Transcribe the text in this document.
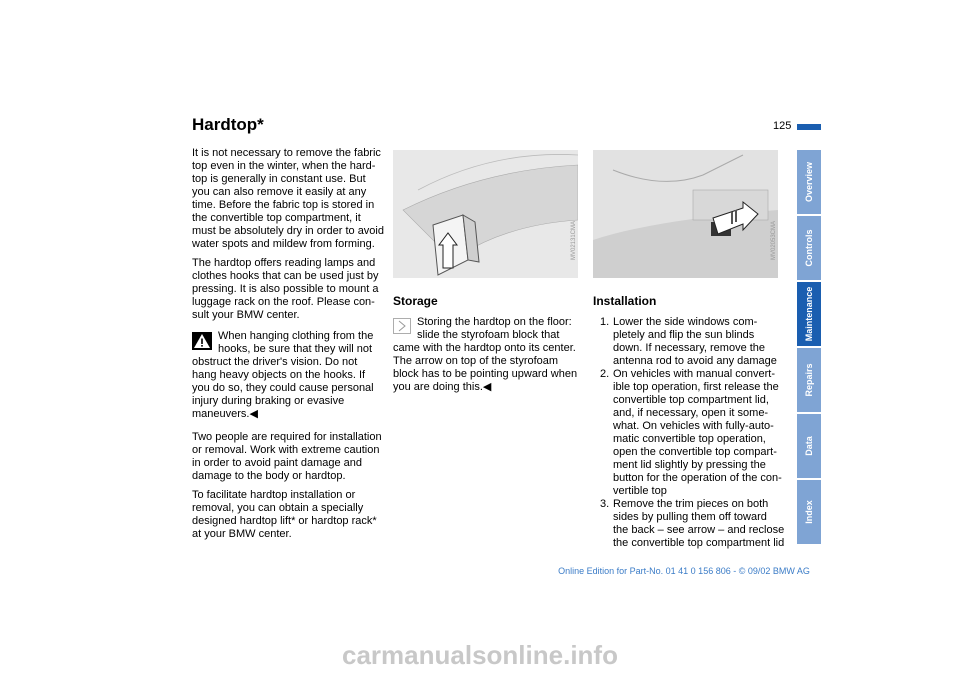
Hardtop*	125

It is not necessary to remove the fabric top even in the winter, when the hard-top is generally in constant use. But you can also remove it easily at any time. Before the fabric top is stored in the convertible top compartment, it must be absolutely dry in order to avoid water spots and mildew from forming.

The hardtop offers reading lamps and clothes hooks that can be used just by pressing. It is also possible to mount a luggage rack on the roof. Please con-sult your BMW center.

When hanging clothing from the hooks, be sure that they will not obstruct the driver's vision. Do not hang heavy objects on the hooks. If you do so, they could cause personal injury during braking or evasive maneuvers.◀

Two people are required for installation or removal. Work with extreme caution in order to avoid paint damage and damage to the body or hardtop.

To facilitate hardtop installation or removal, you can obtain a specially designed hardtop lift* or hardtop rack* at your BMW center.

MV02131CMA	MV02053CMA
Storage

Storing the hardtop on the floor: slide the styrofoam block that came with the hardtop onto its center. The arrow on top of the styrofoam block has to be pointing upward when you are doing this.◀

Installation
1. Lower the side windows com-pletely and flip the sun blinds down. If necessary, remove the antenna rod to avoid any damage
2. On vehicles with manual convert-ible top operation, first release the convertible top compartment lid, and, if necessary, open it some-what. On vehicles with fully-auto-matic convertible top operation, open the convertible top compart-ment lid slightly by pressing the button for the operation of the con-vertible top
3. Remove the trim pieces on both sides by pulling them off toward the back – see arrow – and reclose the convertible top compartment lid
Overview
Controls
Maintenance
Repairs
Data
Index
Online Edition for Part-No. 01 41 0 156 806 - © 09/02 BMW AG
carmanualsonline.info
